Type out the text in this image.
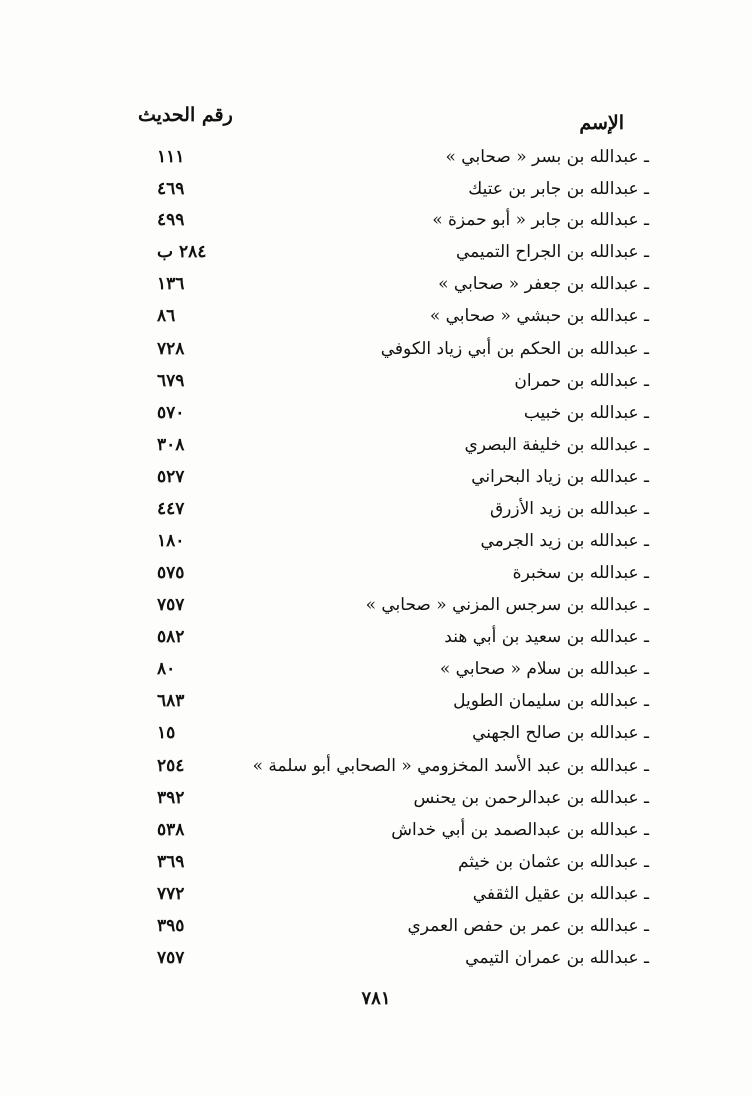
الإسم
رقم الحديث
ـ عبدالله بن بسر « صحابي »
١١١
ـ عبدالله بن جابر بن عتيك
٤٦٩
ـ عبدالله بن جابر « أبو حمزة »
٤٩٩
ـ عبدالله بن الجراح التميمي
٢٨٤ ب
ـ عبدالله بن جعفر « صحابي »
١٣٦
ـ عبدالله بن حبشي « صحابي »
٨٦
ـ عبدالله بن الحكم بن أبي زياد الكوفي
٧٢٨
ـ عبدالله بن حمران
٦٧٩
ـ عبدالله بن خبيب
٥٧٠
ـ عبدالله بن خليفة البصري
٣٠٨
ـ عبدالله بن زياد البحراني
٥٢٧
ـ عبدالله بن زيد الأزرق
٤٤٧
ـ عبدالله بن زيد الجرمي
١٨٠
ـ عبدالله بن سخبرة
٥٧٥
ـ عبدالله بن سرجس المزني « صحابي »
٧٥٧
ـ عبدالله بن سعيد بن أبي هند
٥٨٢
ـ عبدالله بن سلام « صحابي »
٨٠
ـ عبدالله بن سليمان الطويل
٦٨٣
ـ عبدالله بن صالح الجهني
١٥
ـ عبدالله بن عبد الأسد المخزومي « الصحابي أبو سلمة »
٢٥٤
ـ عبدالله بن عبدالرحمن بن يحنس
٣٩٢
ـ عبدالله بن عبدالصمد بن أبي خداش
٥٣٨
ـ عبدالله بن عثمان بن خيثم
٣٦٩
ـ عبدالله بن عقيل الثقفي
٧٧٢
ـ عبدالله بن عمر بن حفص العمري
٣٩٥
ـ عبدالله بن عمران التيمي
٧٥٧
٧٨١
